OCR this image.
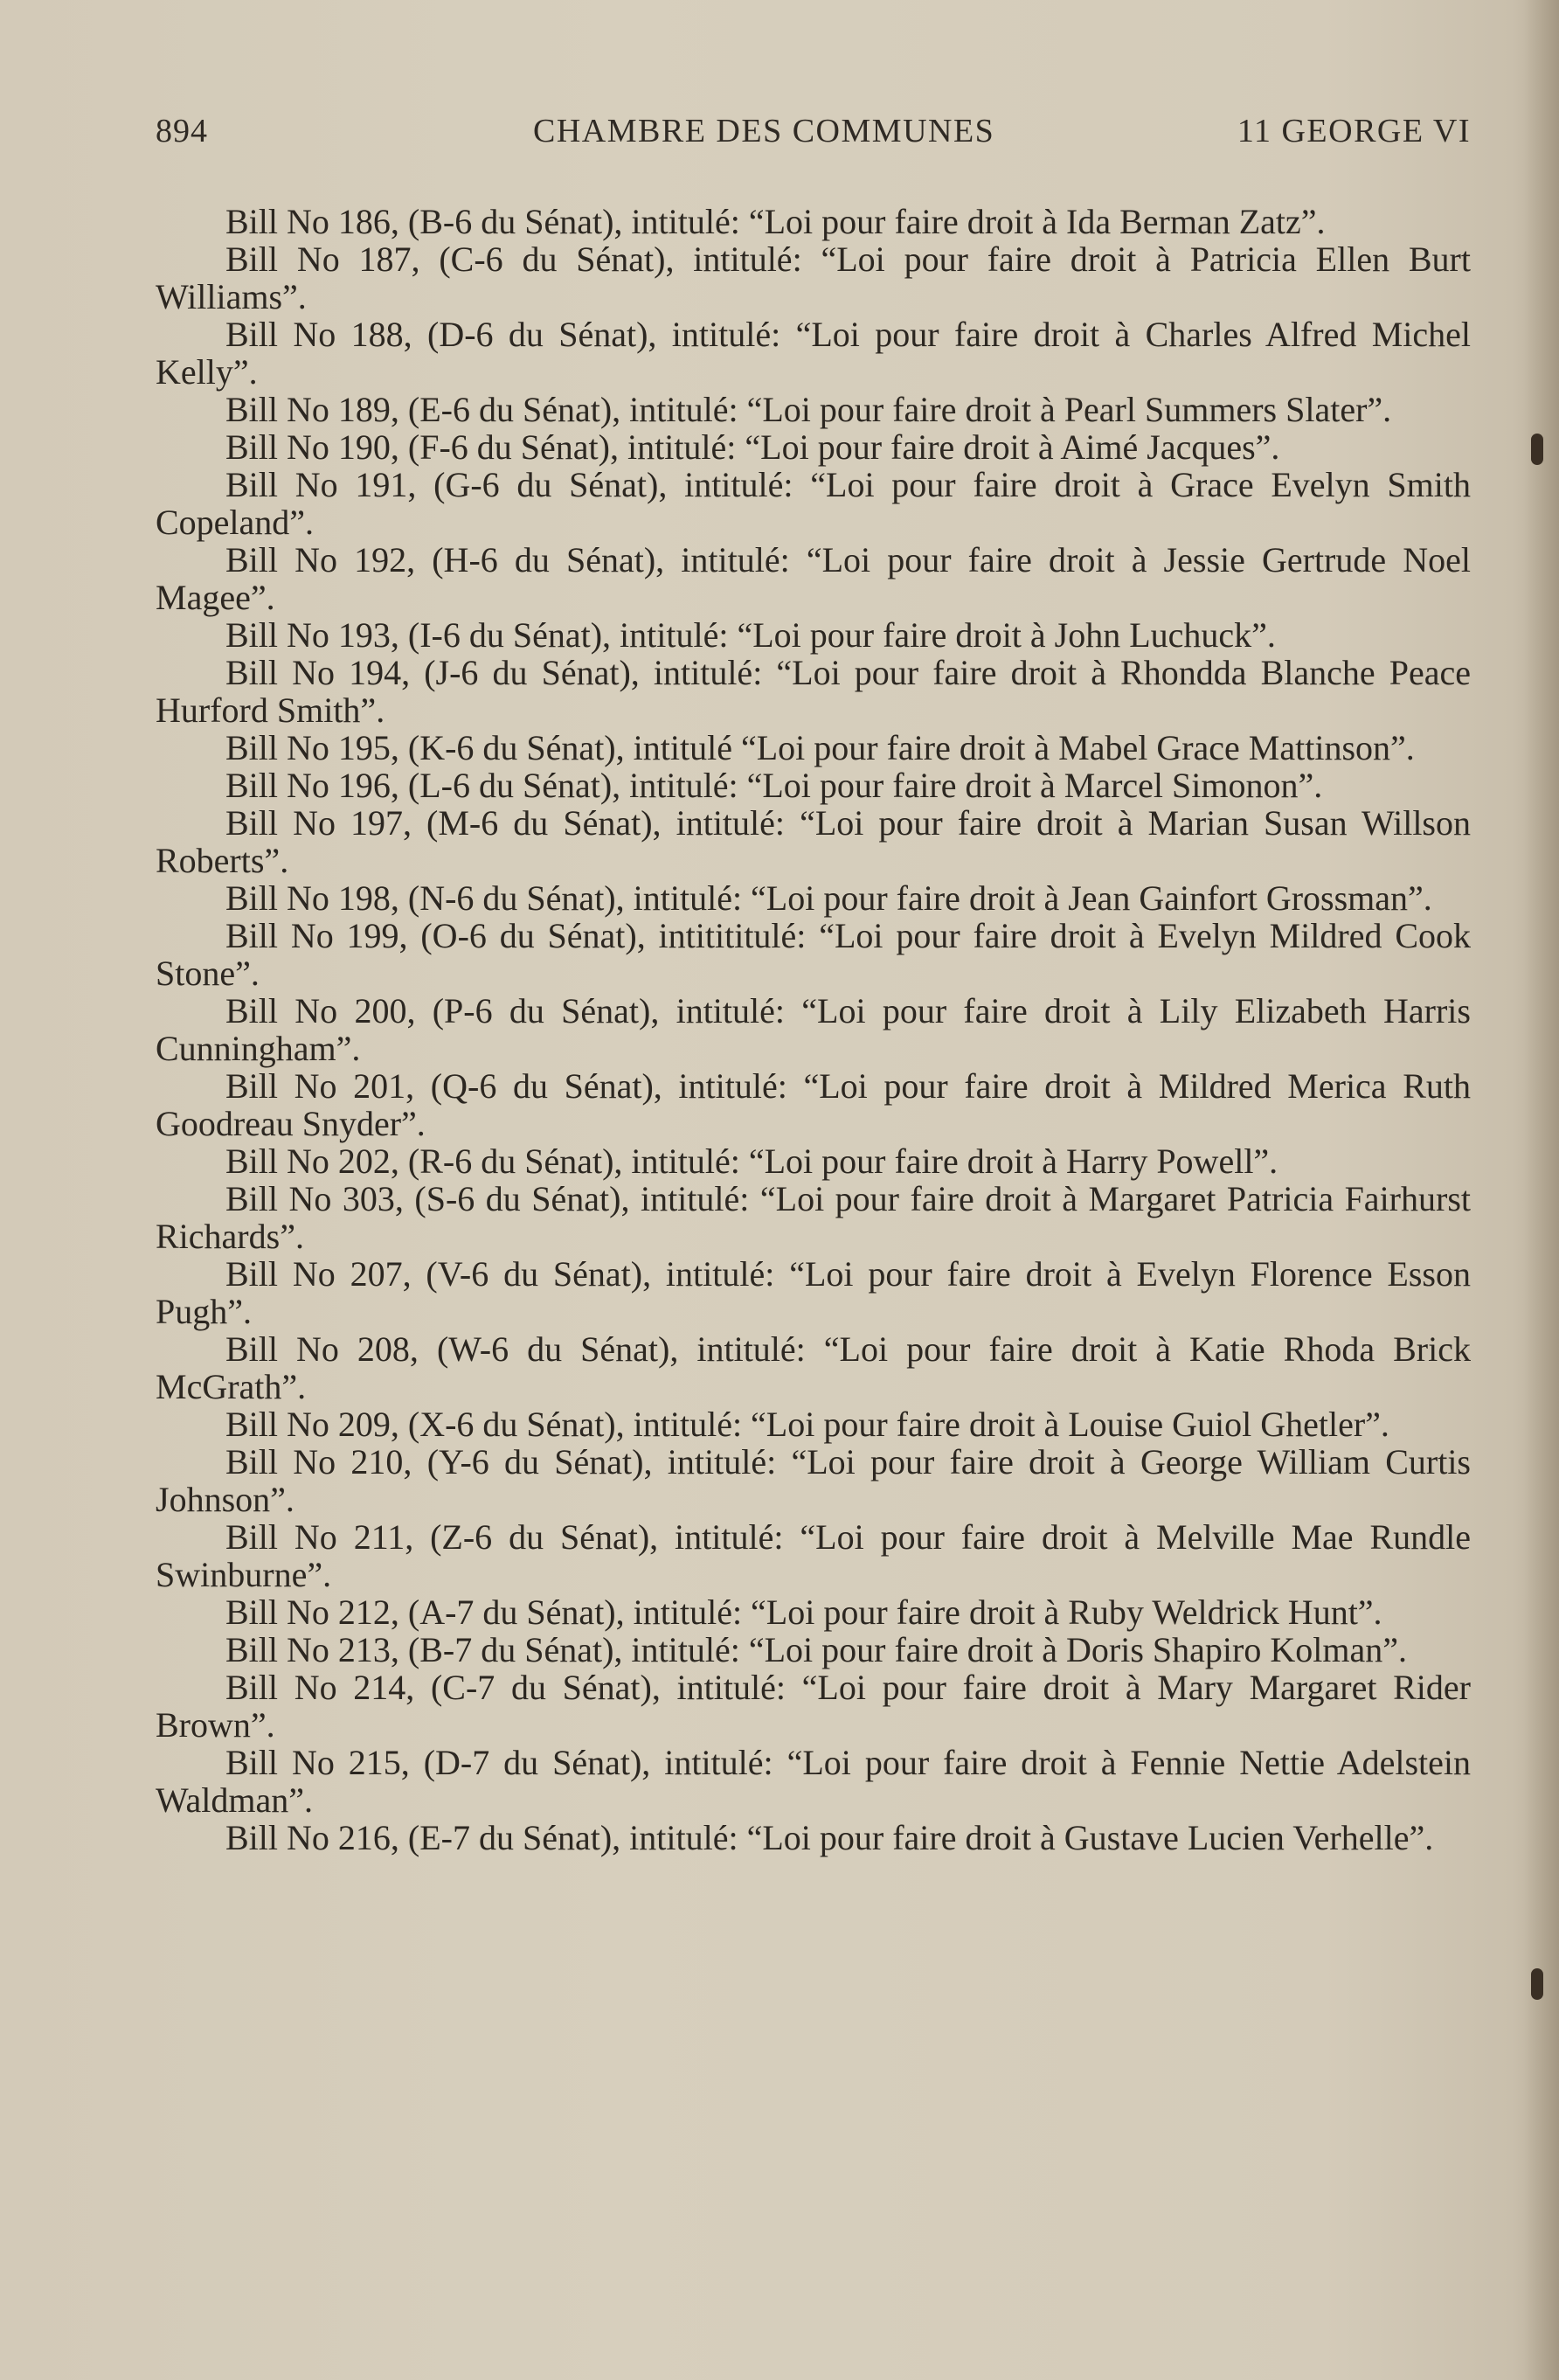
894	CHAMBRE DES COMMUNES	11 GEORGE VI

Bill No 186, (B-6 du Sénat), intitulé: “Loi pour faire droit à Ida Berman Zatz”.

Bill No 187, (C-6 du Sénat), intitulé: “Loi pour faire droit à Patricia Ellen Burt Williams”.

Bill No 188, (D-6 du Sénat), intitulé: “Loi pour faire droit à Charles Alfred Michel Kelly”.

Bill No 189, (E-6 du Sénat), intitulé: “Loi pour faire droit à Pearl Summers Slater”.

Bill No 190, (F-6 du Sénat), intitulé: “Loi pour faire droit à Aimé Jacques”.

Bill No 191, (G-6 du Sénat), intitulé: “Loi pour faire droit à Grace Evelyn Smith Copeland”.

Bill No 192, (H-6 du Sénat), intitulé: “Loi pour faire droit à Jessie Gertrude Noel Magee”.

Bill No 193, (I-6 du Sénat), intitulé: “Loi pour faire droit à John Luchuck”.

Bill No 194, (J-6 du Sénat), intitulé: “Loi pour faire droit à Rhondda Blanche Peace Hurford Smith”.

Bill No 195, (K-6 du Sénat), intitulé “Loi pour faire droit à Mabel Grace Mattinson”.

Bill No 196, (L-6 du Sénat), intitulé: “Loi pour faire droit à Marcel Simonon”.

Bill No 197, (M-6 du Sénat), intitulé: “Loi pour faire droit à Marian Susan Willson Roberts”.

Bill No 198, (N-6 du Sénat), intitulé: “Loi pour faire droit à Jean Gainfort Grossman”.

Bill No 199, (O-6 du Sénat), intitititulé: “Loi pour faire droit à Evelyn Mildred Cook Stone”.

Bill No 200, (P-6 du Sénat), intitulé: “Loi pour faire droit à Lily Elizabeth Harris Cunningham”.

Bill No 201, (Q-6 du Sénat), intitulé: “Loi pour faire droit à Mildred Merica Ruth Goodreau Snyder”.

Bill No 202, (R-6 du Sénat), intitulé: “Loi pour faire droit à Harry Powell”.

Bill No 303, (S-6 du Sénat), intitulé: “Loi pour faire droit à Margaret Patricia Fairhurst Richards”.

Bill No 207, (V-6 du Sénat), intitulé: “Loi pour faire droit à Evelyn Florence Esson Pugh”.

Bill No 208, (W-6 du Sénat), intitulé: “Loi pour faire droit à Katie Rhoda Brick McGrath”.

Bill No 209, (X-6 du Sénat), intitulé: “Loi pour faire droit à Louise Guiol Ghetler”.

Bill No 210, (Y-6 du Sénat), intitulé: “Loi pour faire droit à George William Curtis Johnson”.

Bill No 211, (Z-6 du Sénat), intitulé: “Loi pour faire droit à Melville Mae Rundle Swinburne”.

Bill No 212, (A-7 du Sénat), intitulé: “Loi pour faire droit à Ruby Weldrick Hunt”.

Bill No 213, (B-7 du Sénat), intitulé: “Loi pour faire droit à Doris Shapiro Kolman”.

Bill No 214, (C-7 du Sénat), intitulé: “Loi pour faire droit à Mary Margaret Rider Brown”.

Bill No 215, (D-7 du Sénat), intitulé: “Loi pour faire droit à Fennie Nettie Adelstein Waldman”.

Bill No 216, (E-7 du Sénat), intitulé: “Loi pour faire droit à Gustave Lucien Verhelle”.
